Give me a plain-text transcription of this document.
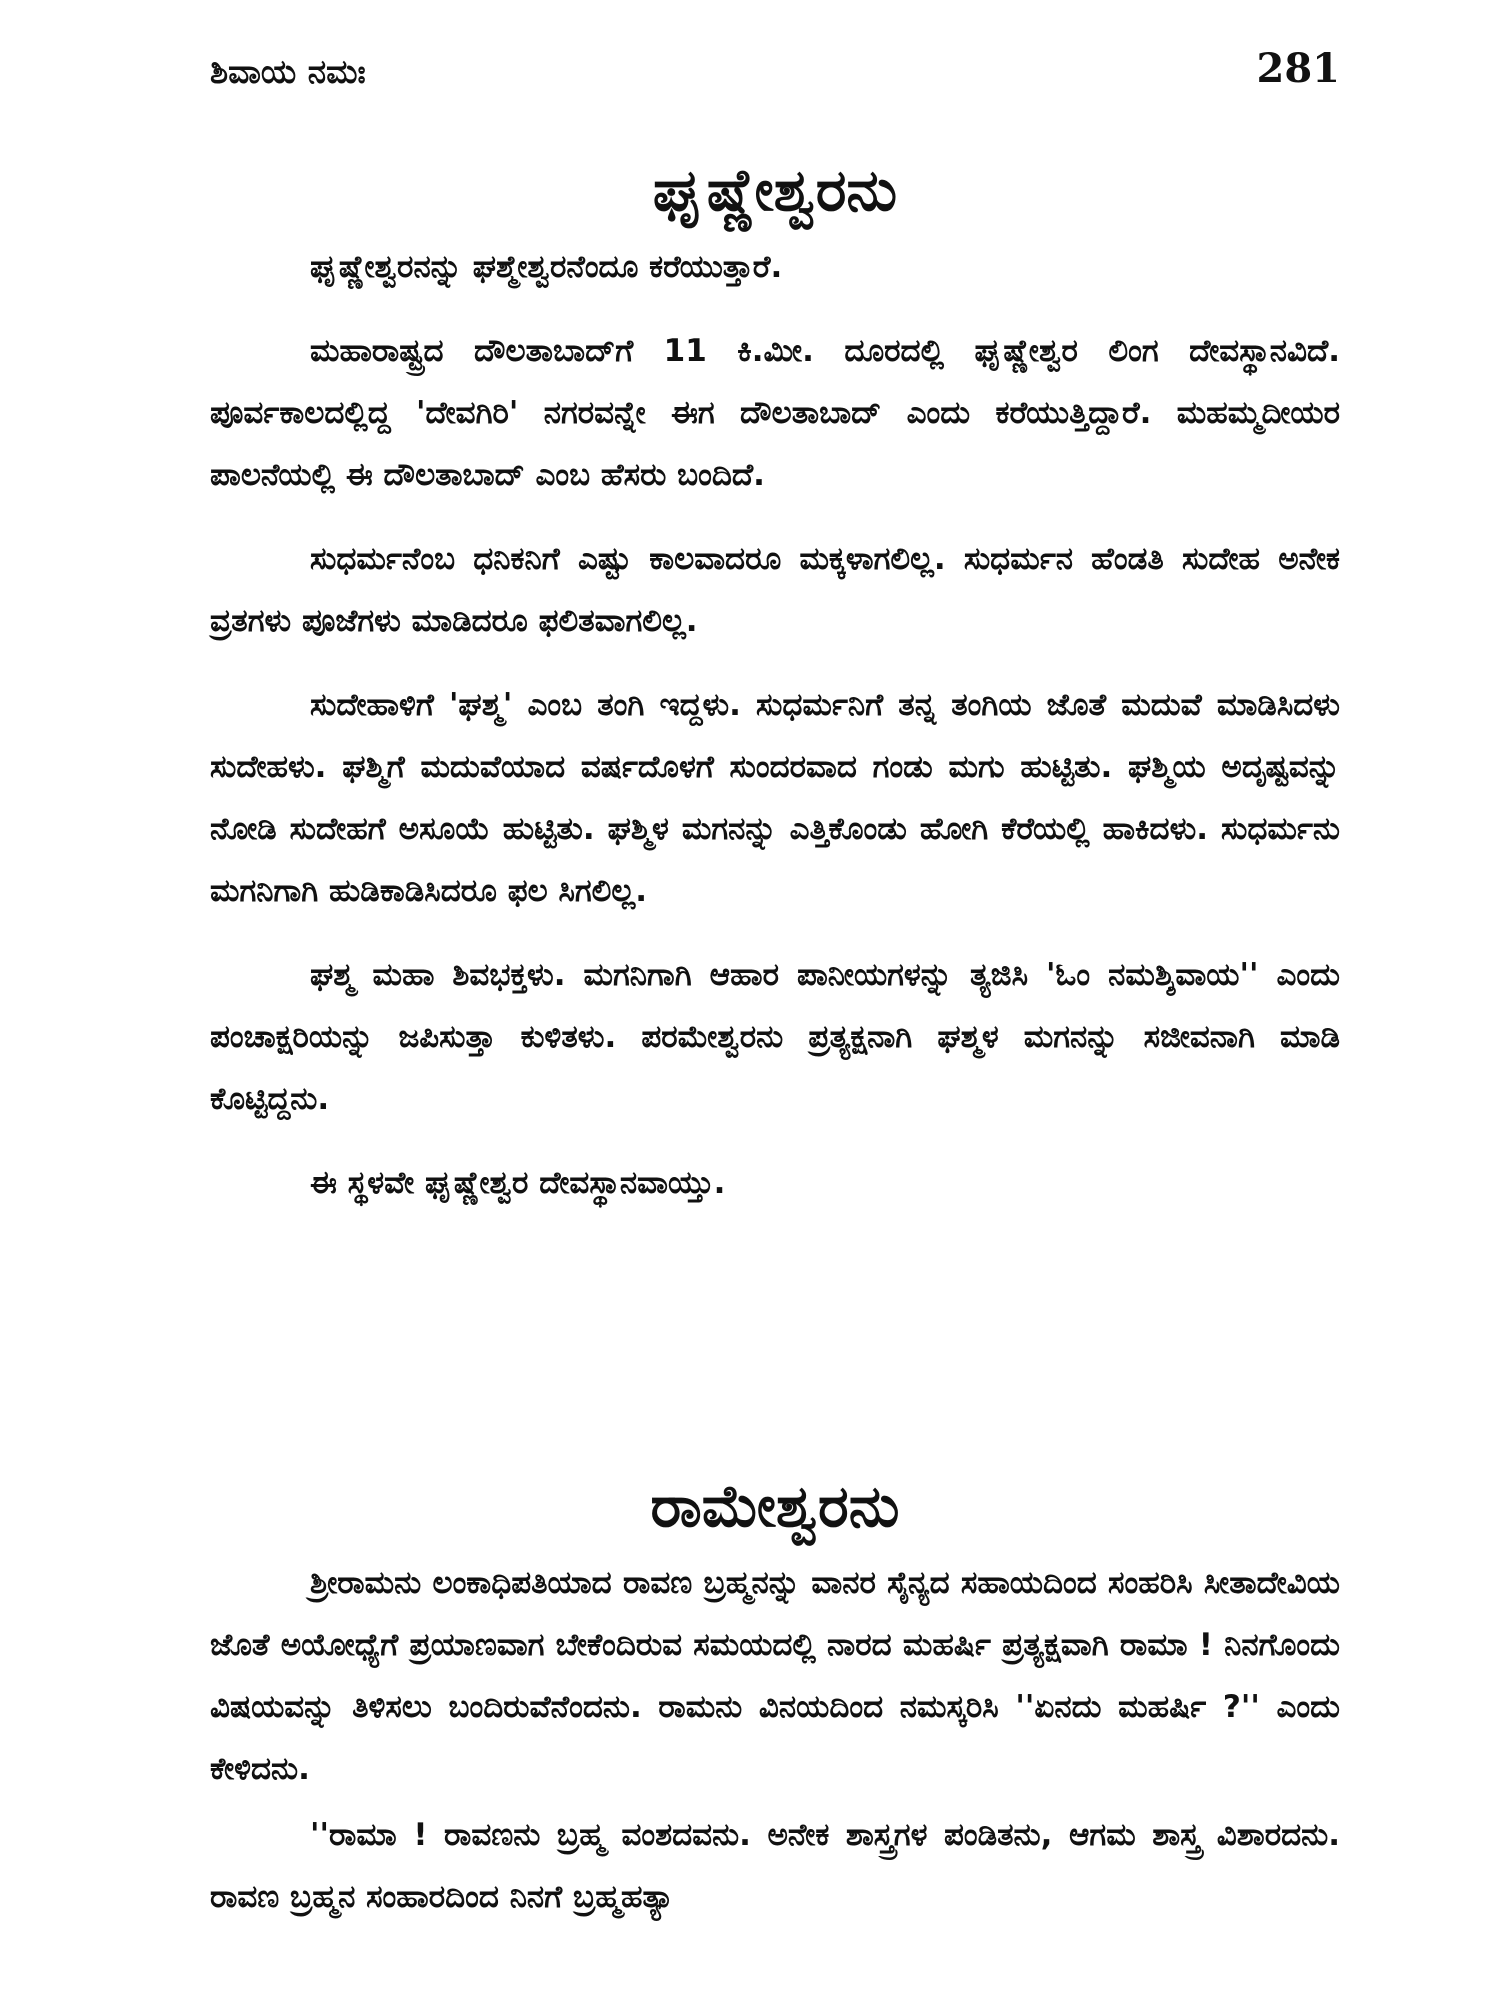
ಶಿವಾಯ ನಮಃ	281
ಘೃಷ್ಣೇಶ್ವರನು

ಘೃಷ್ಣೇಶ್ವರನನ್ನು ಘಶ್ಮೇಶ್ವರನೆಂದೂ ಕರೆಯುತ್ತಾರೆ.

ಮಹಾರಾಷ್ಟ್ರದ ದೌಲತಾಬಾದ್‌ಗೆ 11 ಕಿ.ಮೀ. ದೂರದಲ್ಲಿ ಘೃಷ್ಣೇಶ್ವರ ಲಿಂಗ ದೇವಸ್ಥಾನವಿದೆ. ಪೂರ್ವಕಾಲದಲ್ಲಿದ್ದ 'ದೇವಗಿರಿ' ನಗರವನ್ನೇ ಈಗ ದೌಲತಾಬಾದ್ ಎಂದು ಕರೆಯುತ್ತಿದ್ದಾರೆ. ಮಹಮ್ಮದೀಯರ ಪಾಲನೆಯಲ್ಲಿ ಈ ದೌಲತಾಬಾದ್ ಎಂಬ ಹೆಸರು ಬಂದಿದೆ.

ಸುಧರ್ಮನೆಂಬ ಧನಿಕನಿಗೆ ಎಷ್ಟು ಕಾಲವಾದರೂ ಮಕ್ಕಳಾಗಲಿಲ್ಲ. ಸುಧರ್ಮನ ಹೆಂಡತಿ ಸುದೇಹ ಅನೇಕ ವ್ರತಗಳು ಪೂಜೆಗಳು ಮಾಡಿದರೂ ಫಲಿತವಾಗಲಿಲ್ಲ.

ಸುದೇಹಾಳಿಗೆ 'ಘಶ್ಮ' ಎಂಬ ತಂಗಿ ಇದ್ದಳು. ಸುಧರ್ಮನಿಗೆ ತನ್ನ ತಂಗಿಯ ಜೊತೆ ಮದುವೆ ಮಾಡಿಸಿದಳು ಸುದೇಹಳು. ಘಶ್ಮಿಗೆ ಮದುವೆಯಾದ ವರ್ಷದೊಳಗೆ ಸುಂದರವಾದ ಗಂಡು ಮಗು ಹುಟ್ಟಿತು. ಘಶ್ಮಿಯ ಅದೃಷ್ಟವನ್ನು ನೋಡಿ ಸುದೇಹಗೆ ಅಸೂಯೆ ಹುಟ್ಟಿತು. ಘಶ್ಮಿಳ ಮಗನನ್ನು ಎತ್ತಿಕೊಂಡು ಹೋಗಿ ಕೆರೆಯಲ್ಲಿ ಹಾಕಿದಳು. ಸುಧರ್ಮನು ಮಗನಿಗಾಗಿ ಹುಡಿಕಾಡಿಸಿದರೂ ಫಲ ಸಿಗಲಿಲ್ಲ.

ಘಶ್ಮ ಮಹಾ ಶಿವಭಕ್ತಳು. ಮಗನಿಗಾಗಿ ಆಹಾರ ಪಾನೀಯಗಳನ್ನು ತ್ಯಜಿಸಿ 'ಓಂ ನಮಶ್ಶಿವಾಯ'' ಎಂದು ಪಂಚಾಕ್ಷರಿಯನ್ನು ಜಪಿಸುತ್ತಾ ಕುಳಿತಳು. ಪರಮೇಶ್ವರನು ಪ್ರತ್ಯಕ್ಷನಾಗಿ ಘಶ್ಮಳ ಮಗನನ್ನು ಸಜೀವನಾಗಿ ಮಾಡಿ ಕೊಟ್ಟಿದ್ದನು.

ಈ ಸ್ಥಳವೇ ಘೃಷ್ಣೇಶ್ವರ ದೇವಸ್ಥಾನವಾಯ್ತು.

ರಾಮೇಶ್ವರನು

ಶ್ರೀರಾಮನು ಲಂಕಾಧಿಪತಿಯಾದ ರಾವಣ ಬ್ರಹ್ಮನನ್ನು ವಾನರ ಸೈನ್ಯದ ಸಹಾಯದಿಂದ ಸಂಹರಿಸಿ ಸೀತಾದೇವಿಯ ಜೊತೆ ಅಯೋಧ್ಯೆಗೆ ಪ್ರಯಾಣವಾಗ ಬೇಕೆಂದಿರುವ ಸಮಯದಲ್ಲಿ ನಾರದ ಮಹರ್ಷಿ ಪ್ರತ್ಯಕ್ಷವಾಗಿ ರಾಮಾ ! ನಿನಗೊಂದು ವಿಷಯವನ್ನು ತಿಳಿಸಲು ಬಂದಿರುವೆನೆಂದನು. ರಾಮನು ವಿನಯದಿಂದ ನಮಸ್ಕರಿಸಿ ''ಏನದು ಮಹರ್ಷಿ ?'' ಎಂದು ಕೇಳಿದನು.

''ರಾಮಾ ! ರಾವಣನು ಬ್ರಹ್ಮ ವಂಶದವನು. ಅನೇಕ ಶಾಸ್ತ್ರಗಳ ಪಂಡಿತನು, ಆಗಮ ಶಾಸ್ತ್ರ ವಿಶಾರದನು. ರಾವಣ ಬ್ರಹ್ಮನ ಸಂಹಾರದಿಂದ ನಿನಗೆ ಬ್ರಹ್ಮಹತ್ಯಾ
